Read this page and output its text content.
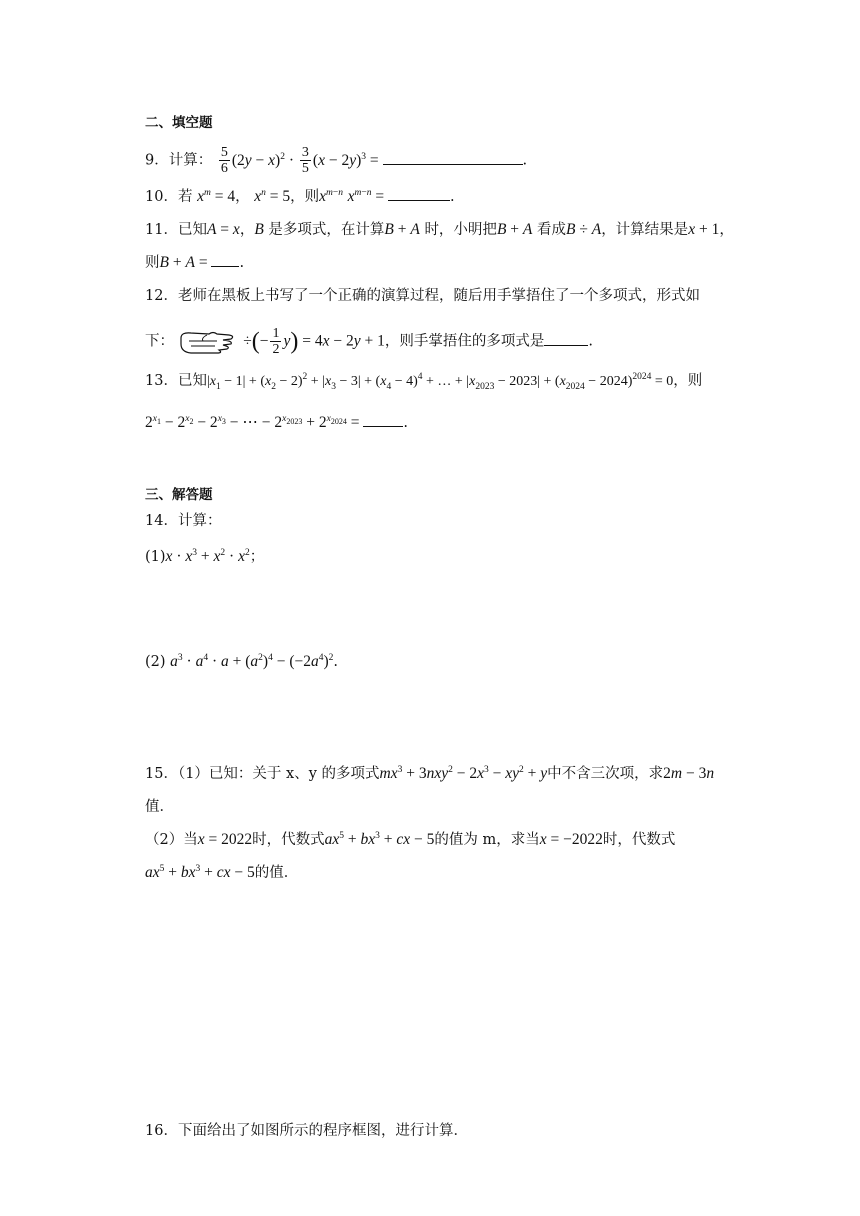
二、填空题
9．计算： $\frac{5}{6} (2y - x)^2 \cdot \frac{3}{5} (x - 2y)^3$ =	.
10．若 $x^m = 4$， $x^n = 5$，则$x^{m-n}$ $x^{m-n}$ =	.
11．已知A = x，B 是多项式，在计算B + A 时，小明把B + A 看成B ÷ A，计算结果是x + 1，
则B + A = .
12．老师在黑板上书写了一个正确的演算过程，随后用手掌捂住了一个多项式，形式如
下：	÷(− $\frac{1}{2} y) = 4x - 2y + 1$，则手掌捂住的多项式是	.
13．已知$|x_1 - 1| + (x_2 - 2)^2 + |x_3 - 3| + (x_4 - 4)^4$ + … + $|x_{2023} - 2023| + (x_{2024} - 2024)^{2024} = 0$，则
$2^{x_1} - 2^{x_2} - 2^{x_3}$ − ⋯ − $2^{x_{2023}} + 2^{x_{2024}}$ =	.
三、解答题
14．计算：
$(1)x \cdot x^3 + x^2 \cdot x^2$；
(2) $a^3 \cdot a^4 \cdot a + (a^2)^4 - (-2a^4)^2$.
15．（1）已知：关于 x、y 的多项式$mx^3 + 3nxy^2 - 2x^3 - xy^2 + y$中不含三次项，求2m − 3n
值．
（2）当x = 2022时，代数式$ax^5 + bx^3$ + cx − 5的值为 m，求当x = −2022时，代数式
$ax^5 + bx^3$ + cx − 5的值．
16．下面给出了如图所示的程序框图，进行计算．
